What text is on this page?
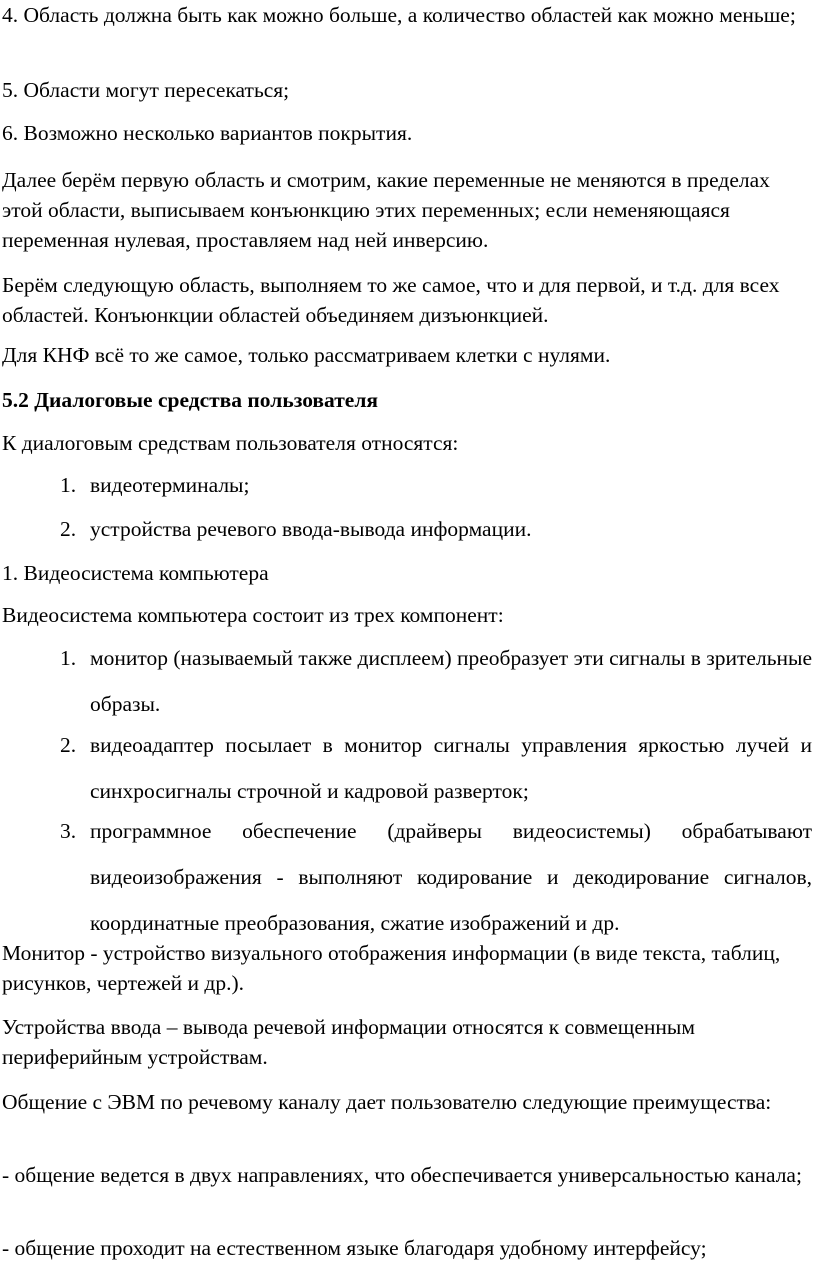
4. Область должна быть как можно больше, а количество областей как можно меньше;

5. Области могут пересекаться;

6. Возможно несколько вариантов покрытия.

Далее берём первую область и смотрим, какие переменные не меняются в пределах этой области, выписываем конъюнкцию этих переменных; если неменяющаяся переменная нулевая, проставляем над ней инверсию.

Берём следующую область, выполняем то же самое, что и для первой, и т.д. для всех областей. Конъюнкции областей объединяем дизъюнкцией.

Для КНФ всё то же самое, только рассматриваем клетки с нулями.

5.2 Диалоговые средства пользователя

К диалоговым средствам пользователя относятся:

1. видеотерминалы;
2. устройства речевого ввода-вывода информации.

1. Видеосистема компьютера

Видеосистема компьютера состоит из трех компонент:

1. монитор (называемый также дисплеем) преобразует эти сигналы в зрительные образы.
2. видеоадаптер посылает в монитор сигналы управления яркостью лучей и синхросигналы строчной и кадровой разверток;
3. программное обеспечение (драйверы видеосистемы) обрабатывают видеоизображения - выполняют кодирование и декодирование сигналов, координатные преобразования, сжатие изображений и др.

Монитор - устройство визуального отображения информации (в виде текста, таблиц, рисунков, чертежей и др.).

Устройства ввода – вывода речевой информации относятся к совмещенным периферийным устройствам.

Общение с ЭВМ по речевому каналу дает пользователю следующие преимущества:

- общение ведется в двух направлениях, что обеспечивается универсальностью канала;

- общение проходит на естественном языке благодаря удобному интерфейсу;
